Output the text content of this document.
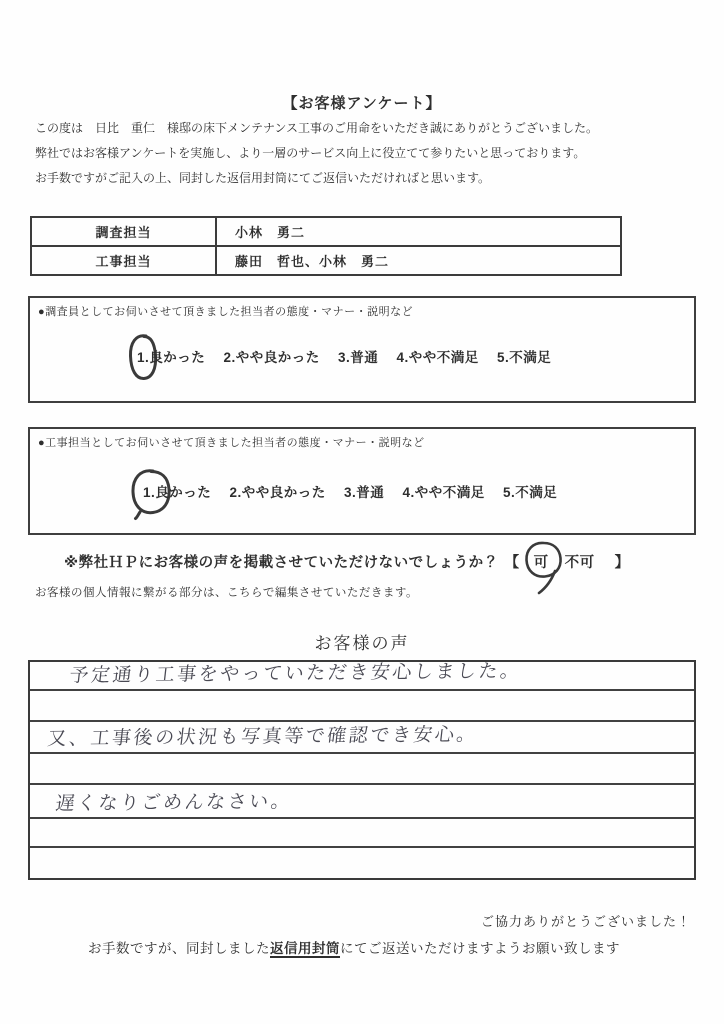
【お客様アンケート】
この度は　日比　重仁　様邸の床下メンテナンス工事のご用命をいただき誠にありがとうございました。
弊社ではお客様アンケートを実施し、より一層のサービス向上に役立てて参りたいと思っております。
お手数ですがご記入の上、同封した返信用封筒にてご返信いただければと思います。
調査担当	小林　勇二
工事担当	藤田　哲也、小林　勇二
●調査員としてお伺いさせて頂きました担当者の態度・マナー・説明など
1.良かった　 2.やや良かった　 3.普通　 4.やや不満足　 5.不満足
●工事担当としてお伺いさせて頂きました担当者の態度・マナー・説明など
1.良かった　 2.やや良かった　 3.普通　 4.やや不満足　 5.不満足
※弊社ＨＰにお客様の声を掲載させていただけないでしょうか？ 【 可 不可 】
お客様の個人情報に繋がる部分は、こちらで編集させていただきます。
お客様の声
予定通り工事をやっていただき安心しました。
又、工事後の状況も写真等で確認でき安心。
遅くなりごめんなさい。
ご協力ありがとうございました！
お手数ですが、同封しました返信用封筒にてご返送いただけますようお願い致します
